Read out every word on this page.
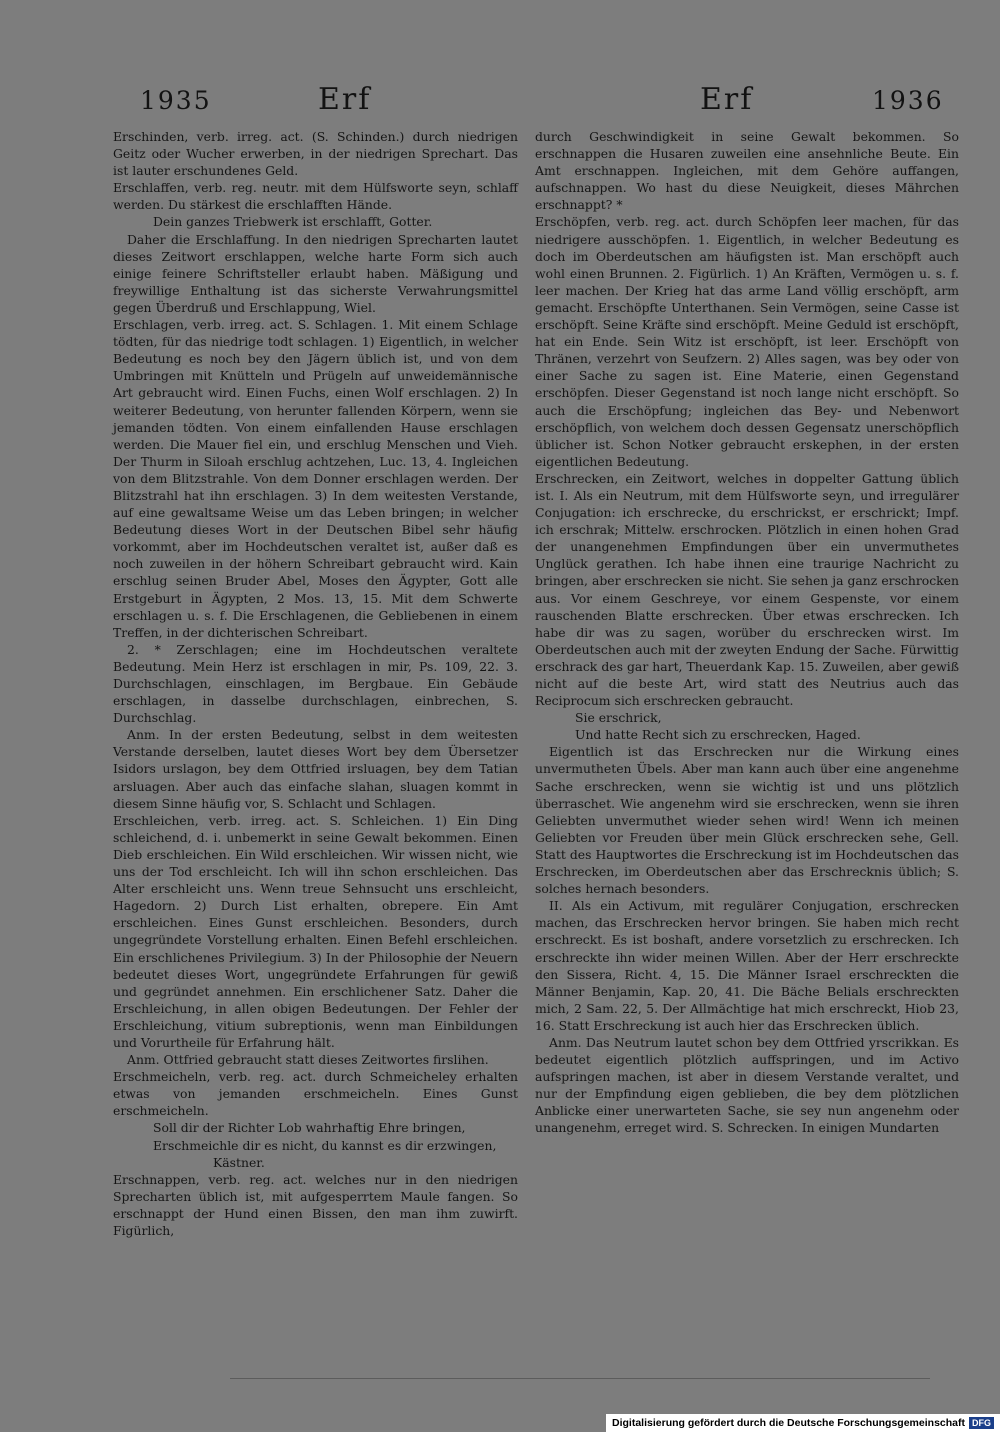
1935	Erf	Erf	1936

Erschinden, verb. irreg. act. (S. Schinden.) durch niedrigen Geitz oder Wucher erwerben, in der niedrigen Sprechart. Das ist lauter erschundenes Geld.

Erschlaffen, verb. reg. neutr. mit dem Hülfsworte seyn, schlaff werden. Du stärkest die erschlafften Hände.

Dein ganzes Triebwerk ist erschlafft, Gotter.

Daher die Erschlaffung. In den niedrigen Sprecharten lautet dieses Zeitwort erschlappen, welche harte Form sich auch einige feinere Schriftsteller erlaubt haben. Mäßigung und freywillige Enthaltung ist das sicherste Verwahrungsmittel gegen Überdruß und Erschlappung, Wiel.

Erschlagen, verb. irreg. act. S. Schlagen. 1. Mit einem Schlage tödten, für das niedrige todt schlagen. 1) Eigentlich, in welcher Bedeutung es noch bey den Jägern üblich ist, und von dem Umbringen mit Knütteln und Prügeln auf unweidemännische Art gebraucht wird. Einen Fuchs, einen Wolf erschlagen. 2) In weiterer Bedeutung, von herunter fallenden Körpern, wenn sie jemanden tödten. Von einem einfallenden Hause erschlagen werden. Die Mauer fiel ein, und erschlug Menschen und Vieh. Der Thurm in Siloah erschlug achtzehen, Luc. 13, 4. Ingleichen von dem Blitzstrahle. Von dem Donner erschlagen werden. Der Blitzstrahl hat ihn erschlagen. 3) In dem weitesten Verstande, auf eine gewaltsame Weise um das Leben bringen; in welcher Bedeutung dieses Wort in der Deutschen Bibel sehr häufig vorkommt, aber im Hochdeutschen veraltet ist, außer daß es noch zuweilen in der höhern Schreibart gebraucht wird. Kain erschlug seinen Bruder Abel, Moses den Ägypter, Gott alle Erstgeburt in Ägypten, 2 Mos. 13, 15. Mit dem Schwerte erschlagen u. s. f. Die Erschlagenen, die Gebliebenen in einem Treffen, in der dichterischen Schreibart.

2. * Zerschlagen; eine im Hochdeutschen veraltete Bedeutung. Mein Herz ist erschlagen in mir, Ps. 109, 22. 3. Durchschlagen, einschlagen, im Bergbaue. Ein Gebäude erschlagen, in dasselbe durchschlagen, einbrechen, S. Durchschlag.

Anm. In der ersten Bedeutung, selbst in dem weitesten Verstande derselben, lautet dieses Wort bey dem Übersetzer Isidors urslagon, bey dem Ottfried irsluagen, bey dem Tatian arsluagen. Aber auch das einfache slahan, sluagen kommt in diesem Sinne häufig vor, S. Schlacht und Schlagen.

Erschleichen, verb. irreg. act. S. Schleichen. 1) Ein Ding schleichend, d. i. unbemerkt in seine Gewalt bekommen. Einen Dieb erschleichen. Ein Wild erschleichen. Wir wissen nicht, wie uns der Tod erschleicht. Ich will ihn schon erschleichen. Das Alter erschleicht uns. Wenn treue Sehnsucht uns erschleicht, Hagedorn. 2) Durch List erhalten, obrepere. Ein Amt erschleichen. Eines Gunst erschleichen. Besonders, durch ungegründete Vorstellung erhalten. Einen Befehl erschleichen. Ein erschlichenes Privilegium. 3) In der Philosophie der Neuern bedeutet dieses Wort, ungegründete Erfahrungen für gewiß und gegründet annehmen. Ein erschlichener Satz. Daher die Erschleichung, in allen obigen Bedeutungen. Der Fehler der Erschleichung, vitium subreptionis, wenn man Einbildungen und Vorurtheile für Erfahrung hält.

Anm. Ottfried gebraucht statt dieses Zeitwortes firslihen.

Erschmeicheln, verb. reg. act. durch Schmeicheley erhalten etwas von jemanden erschmeicheln. Eines Gunst erschmeicheln.

Soll dir der Richter Lob wahrhaftig Ehre bringen,

Erschmeichle dir es nicht, du kannst es dir erzwingen,

Kästner.

Erschnappen, verb. reg. act. welches nur in den niedrigen Sprecharten üblich ist, mit aufgesperrtem Maule fangen. So erschnappt der Hund einen Bissen, den man ihm zuwirft. Figürlich,

durch Geschwindigkeit in seine Gewalt bekommen. So erschnappen die Husaren zuweilen eine ansehnliche Beute. Ein Amt erschnappen. Ingleichen, mit dem Gehöre auffangen, aufschnappen. Wo hast du diese Neuigkeit, dieses Mährchen erschnappt? *

Erschöpfen, verb. reg. act. durch Schöpfen leer machen, für das niedrigere ausschöpfen. 1. Eigentlich, in welcher Bedeutung es doch im Oberdeutschen am häufigsten ist. Man erschöpft auch wohl einen Brunnen. 2. Figürlich. 1) An Kräften, Vermögen u. s. f. leer machen. Der Krieg hat das arme Land völlig erschöpft, arm gemacht. Erschöpfte Unterthanen. Sein Vermögen, seine Casse ist erschöpft. Seine Kräfte sind erschöpft. Meine Geduld ist erschöpft, hat ein Ende. Sein Witz ist erschöpft, ist leer. Erschöpft von Thränen, verzehrt von Seufzern. 2) Alles sagen, was bey oder von einer Sache zu sagen ist. Eine Materie, einen Gegenstand erschöpfen. Dieser Gegenstand ist noch lange nicht erschöpft. So auch die Erschöpfung; ingleichen das Bey- und Nebenwort erschöpflich, von welchem doch dessen Gegensatz unerschöpflich üblicher ist. Schon Notker gebraucht erskephen, in der ersten eigentlichen Bedeutung.

Erschrecken, ein Zeitwort, welches in doppelter Gattung üblich ist. I. Als ein Neutrum, mit dem Hülfsworte seyn, und irregulärer Conjugation: ich erschrecke, du erschrickst, er erschrickt; Impf. ich erschrak; Mittelw. erschrocken. Plötzlich in einen hohen Grad der unangenehmen Empfindungen über ein unvermuthetes Unglück gerathen. Ich habe ihnen eine traurige Nachricht zu bringen, aber erschrecken sie nicht. Sie sehen ja ganz erschrocken aus. Vor einem Geschreye, vor einem Gespenste, vor einem rauschenden Blatte erschrecken. Über etwas erschrecken. Ich habe dir was zu sagen, worüber du erschrecken wirst. Im Oberdeutschen auch mit der zweyten Endung der Sache. Fürwittig erschrack des gar hart, Theuerdank Kap. 15. Zuweilen, aber gewiß nicht auf die beste Art, wird statt des Neutrius auch das Reciprocum sich erschrecken gebraucht.

Sie erschrick,

Und hatte Recht sich zu erschrecken, Haged.

Eigentlich ist das Erschrecken nur die Wirkung eines unvermutheten Übels. Aber man kann auch über eine angenehme Sache erschrecken, wenn sie wichtig ist und uns plötzlich überraschet. Wie angenehm wird sie erschrecken, wenn sie ihren Geliebten unvermuthet wieder sehen wird! Wenn ich meinen Geliebten vor Freuden über mein Glück erschrecken sehe, Gell. Statt des Hauptwortes die Erschreckung ist im Hochdeutschen das Erschrecken, im Oberdeutschen aber das Erschrecknis üblich; S. solches hernach besonders.

II. Als ein Activum, mit regulärer Conjugation, erschrecken machen, das Erschrecken hervor bringen. Sie haben mich recht erschreckt. Es ist boshaft, andere vorsetzlich zu erschrecken. Ich erschreckte ihn wider meinen Willen. Aber der Herr erschreckte den Sissera, Richt. 4, 15. Die Männer Israel erschreckten die Männer Benjamin, Kap. 20, 41. Die Bäche Belials erschreckten mich, 2 Sam. 22, 5. Der Allmächtige hat mich erschreckt, Hiob 23, 16. Statt Erschreckung ist auch hier das Erschrecken üblich.

Anm. Das Neutrum lautet schon bey dem Ottfried yrscrikkan. Es bedeutet eigentlich plötzlich auffspringen, und im Activo aufspringen machen, ist aber in diesem Verstande veraltet, und nur der Empfindung eigen geblieben, die bey dem plötzlichen Anblicke einer unerwarteten Sache, sie sey nun angenehm oder unangenehm, erreget wird. S. Schrecken. In einigen Mundarten

Digitalisierung gefördert durch die Deutsche Forschungsgemeinschaft DFG
